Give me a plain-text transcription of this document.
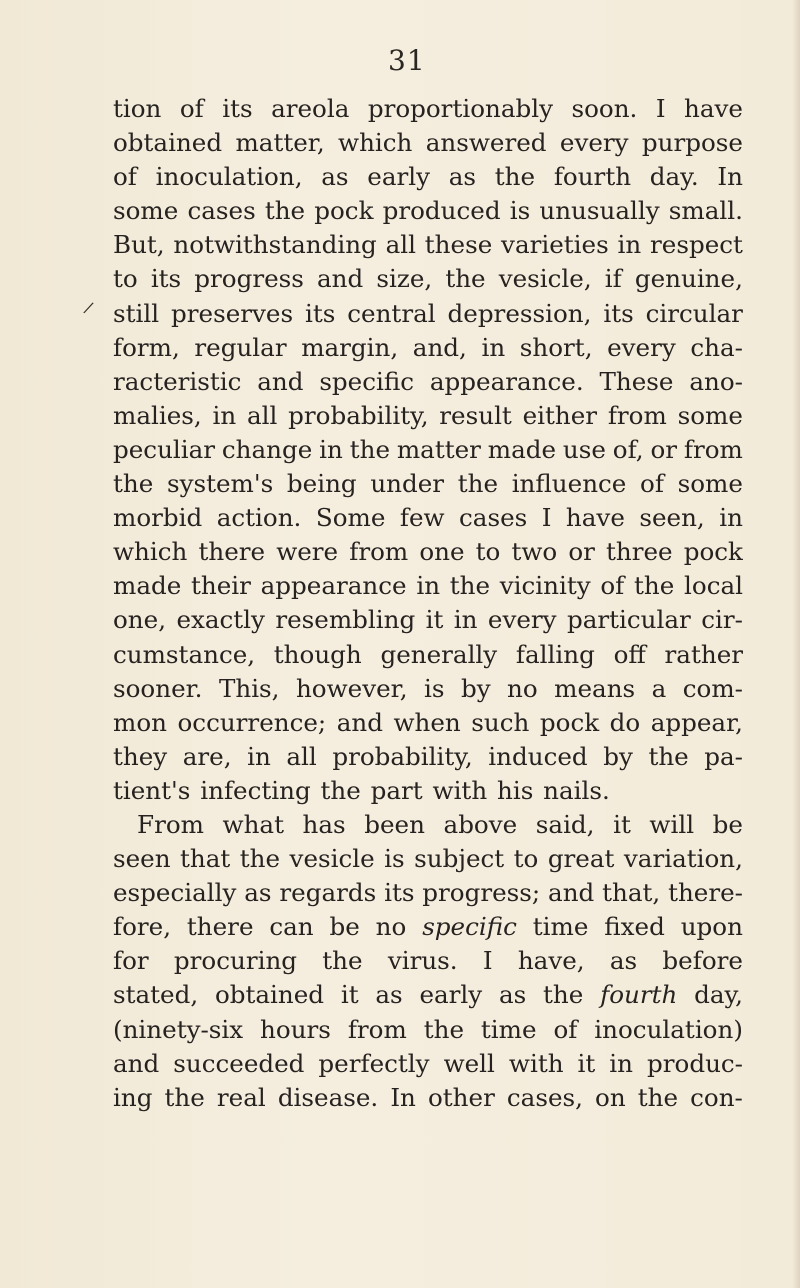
31

/
tion of its areola proportionably soon. I have
obtained matter, which answered every purpose
of inoculation, as early as the fourth day. In
some cases the pock produced is unusually small.
But, notwithstanding all these varieties in respect
to its progress and size, the vesicle, if genuine,
still preserves its central depression, its circular
form, regular margin, and, in short, every cha-
racteristic and specific appearance. These ano-
malies, in all probability, result either from some
peculiar change in the matter made use of, or from
the system's being under the influence of some
morbid action. Some few cases I have seen, in
which there were from one to two or three pock
made their appearance in the vicinity of the local
one, exactly resembling it in every particular cir-
cumstance, though generally falling off rather
sooner. This, however, is by no means a com-
mon occurrence; and when such pock do appear,
they are, in all probability, induced by the pa-
tient's infecting the part with his nails.
From what has been above said, it will be
seen that the vesicle is subject to great variation,
especially as regards its progress; and that, there-
fore, there can be no specific time fixed upon
for procuring the virus. I have, as before
stated, obtained it as early as the fourth day,
(ninety-six hours from the time of inoculation)
and succeeded perfectly well with it in produc-
ing the real disease. In other cases, on the con-
